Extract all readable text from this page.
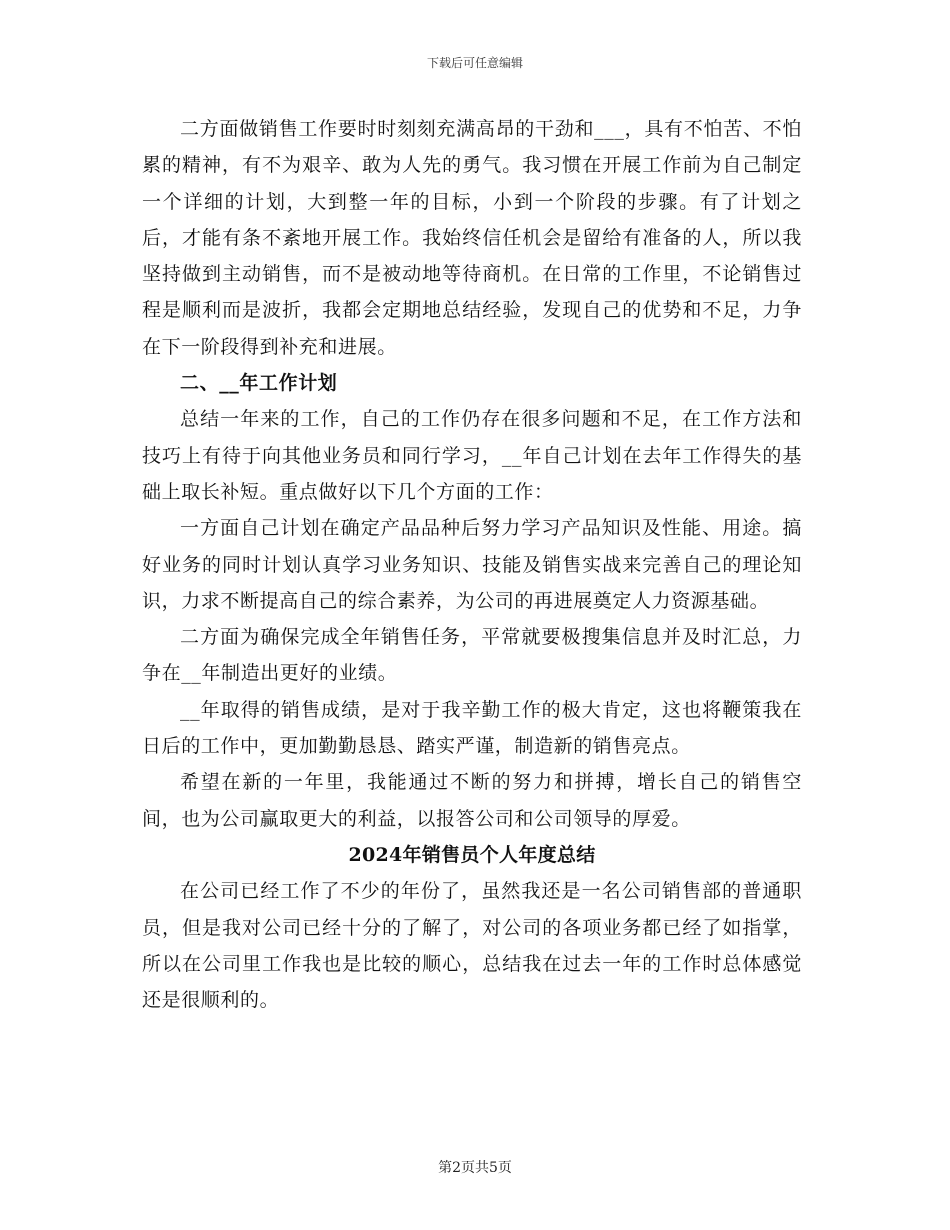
下载后可任意编辑

二方面做销售工作要时时刻刻充满高昂的干劲和___，具有不怕苦、不怕累的精神，有不为艰辛、敢为人先的勇气。我习惯在开展工作前为自己制定一个详细的计划，大到整一年的目标，小到一个阶段的步骤。有了计划之后，才能有条不紊地开展工作。我始终信任机会是留给有准备的人，所以我坚持做到主动销售，而不是被动地等待商机。在日常的工作里，不论销售过程是顺利而是波折，我都会定期地总结经验，发现自己的优势和不足，力争在下一阶段得到补充和进展。

二、__年工作计划

总结一年来的工作，自己的工作仍存在很多问题和不足，在工作方法和技巧上有待于向其他业务员和同行学习，__年自己计划在去年工作得失的基础上取长补短。重点做好以下几个方面的工作：

一方面自己计划在确定产品品种后努力学习产品知识及性能、用途。搞好业务的同时计划认真学习业务知识、技能及销售实战来完善自己的理论知识，力求不断提高自己的综合素养，为公司的再进展奠定人力资源基础。

二方面为确保完成全年销售任务，平常就要极搜集信息并及时汇总，力争在__年制造出更好的业绩。

__年取得的销售成绩，是对于我辛勤工作的极大肯定，这也将鞭策我在日后的工作中，更加勤勤恳恳、踏实严谨，制造新的销售亮点。

希望在新的一年里，我能通过不断的努力和拼搏，增长自己的销售空间，也为公司赢取更大的利益，以报答公司和公司领导的厚爱。

2024年销售员个人年度总结

在公司已经工作了不少的年份了，虽然我还是一名公司销售部的普通职员，但是我对公司已经十分的了解了，对公司的各项业务都已经了如指掌，所以在公司里工作我也是比较的顺心，总结我在过去一年的工作时总体感觉还是很顺利的。

第2页共5页
